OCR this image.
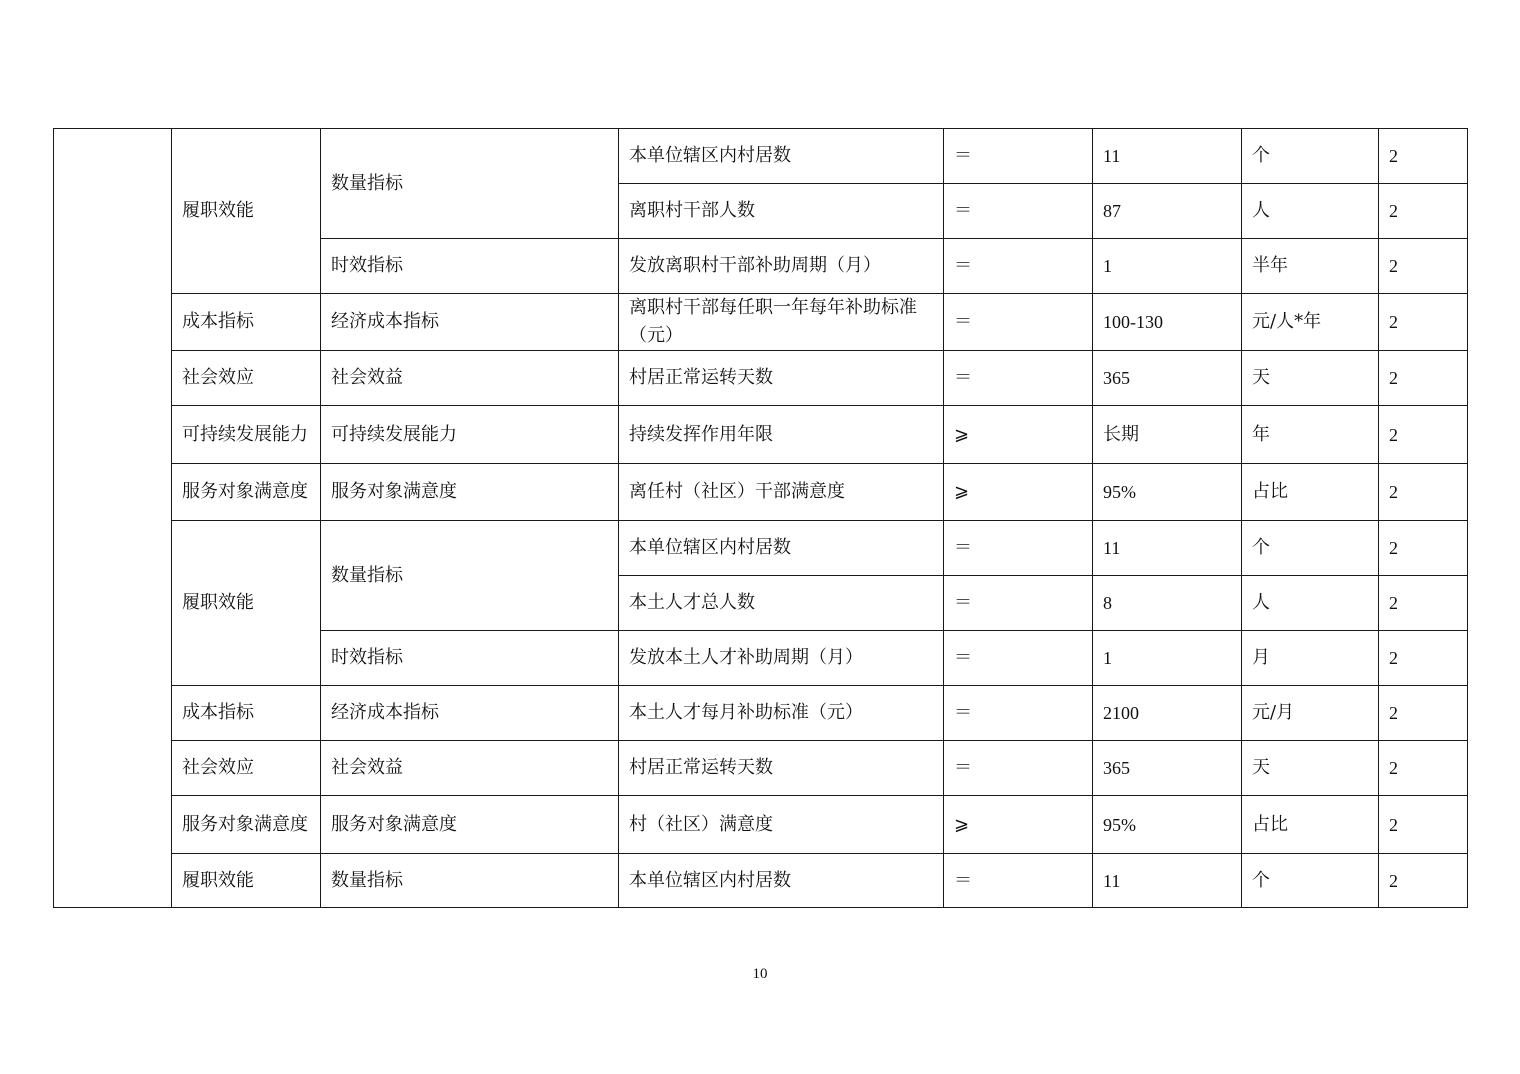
	履职效能	数量指标	本单位辖区内村居数	＝	11	个	2
			离职村干部人数	＝	87	人	2
		时效指标	发放离职村干部补助周期（月）	＝	1	半年	2
	成本指标	经济成本指标	离职村干部每任职一年每年补助标准（元）	＝	100-130	元/人*年	2
	社会效应	社会效益	村居正常运转天数	＝	365	天	2
	可持续发展能力	可持续发展能力	持续发挥作用年限	⩾	长期	年	2
	服务对象满意度	服务对象满意度	离任村（社区）干部满意度	⩾	95%	占比	2
	履职效能	数量指标	本单位辖区内村居数	＝	11	个	2
			本土人才总人数	＝	8	人	2
		时效指标	发放本土人才补助周期（月）	＝	1	月	2
	成本指标	经济成本指标	本土人才每月补助标准（元）	＝	2100	元/月	2
	社会效应	社会效益	村居正常运转天数	＝	365	天	2
	服务对象满意度	服务对象满意度	村（社区）满意度	⩾	95%	占比	2
	履职效能	数量指标	本单位辖区内村居数	＝	11	个	2
10
